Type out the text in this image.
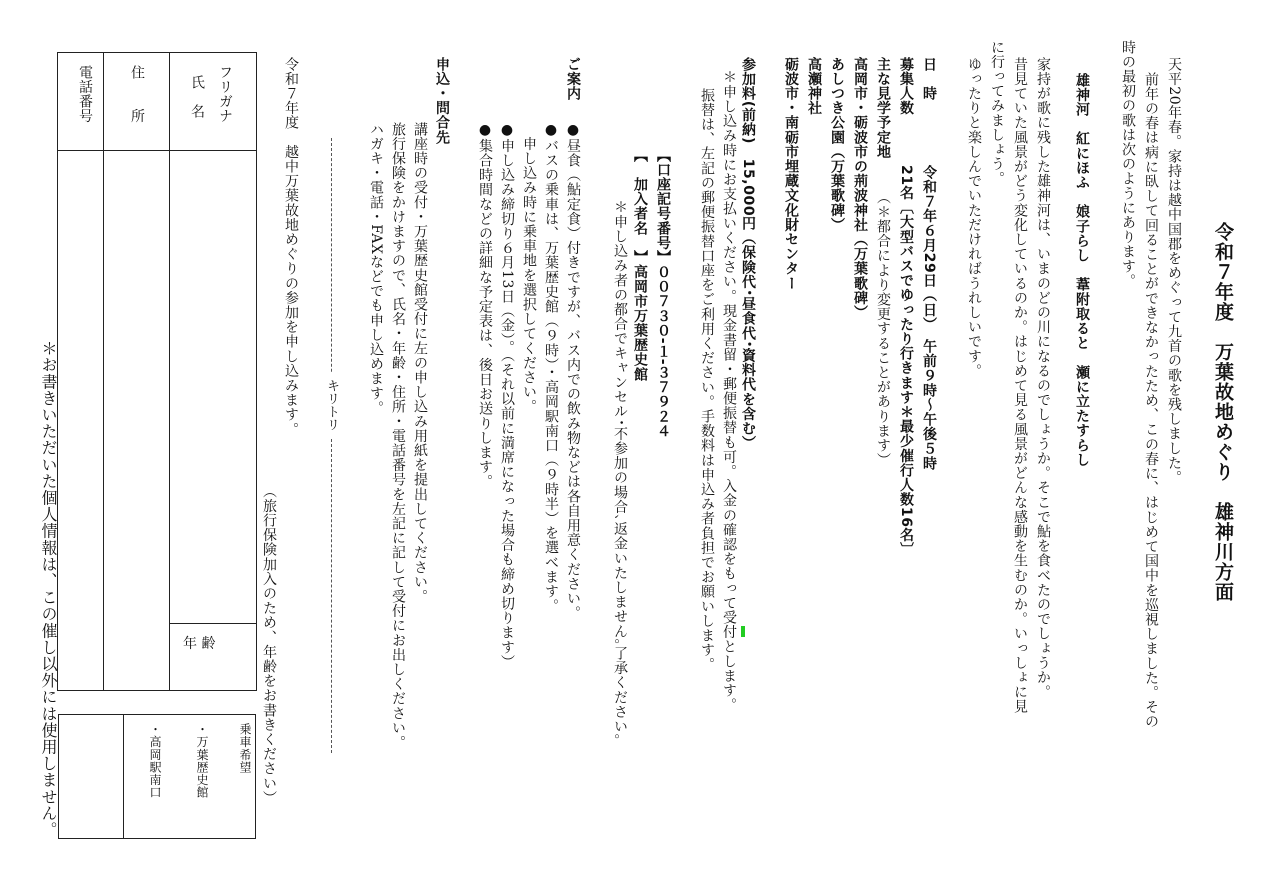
令和７年度　万葉故地めぐり　雄神川方面
天平20年春。家持は越中国郡をめぐって九首の歌を残しました。
前年の春は病に臥して回ることができなかったため、この春に、はじめて国中を巡視しました。その
時の最初の歌は次のようにあります。
雄神河　紅にほふ　娘子らし　葦附取ると　瀬に立たすらし
家持が歌に残した雄神河は、いまのどの川になるのでしょうか。そこで鮎を食べたのでしょうか。
昔見ていた風景がどう変化しているのか。はじめて見る風景がどんな感動を生むのか。いっしょに見
に行ってみましょう。
ゆったりと楽しんでいただければうれしいです。
日　時
令和７年６月29日（日）　午前９時～午後５時
募集人数
21名〔大型バスでゆったり行きます＊最少催行人数16名〕
主な見学予定地
（＊都合により変更することがあります）
高岡市・砺波市の荊波神社（万葉歌碑）
あしつき公園（万葉歌碑）
高瀬神社
砺波市・南砺市埋蔵文化財センター
参加料(前納)　15,000円（保険代･昼食代･資料代を含む）
＊申し込み時にお支払いください。現金書留・郵便振替も可。入金の確認をもって受付とします。
振替は、左記の郵便振替口座をご利用ください。手数料は申込み者負担でお願いします。
【口座記号番号】００７３０-１-３７９２４
【　加入者名　】高岡市万葉歴史館
＊申し込み者の都合でキャンセル･不参加の場合､返金いたしません｡了承ください｡
ご案内
●昼食（鮎定食）付きですが、バス内での飲み物などは各自用意ください。
●バスの乗車は、万葉歴史館（９時）・高岡駅南口（９時半）を選べます。
　申し込み時に乗車地を選択してください。
●申し込み締切り６月13日（金）。（それ以前に満席になった場合も締め切ります）
●集合時間などの詳細な予定表は、後日お送りします。
申込・問合先
講座時の受付・万葉歴史館受付に左の申し込み用紙を提出してください。
旅行保険をかけますので、氏名・年齢・住所・電話番号を左記に記して受付にお出しください。
ハガキ・電話・FAXなどでも申し込めます。
キリトリ
令和７年度　越中万葉故地めぐりの参加を申し込みます。
（旅行保険加入のため、年齢をお書きください）
フリガナ
氏　名
住　　所
電話番号
年 齢
乗車希望
・万葉歴史館
・高岡駅南口
＊お書きいただいた個人情報は、この催し以外には使用しません。
